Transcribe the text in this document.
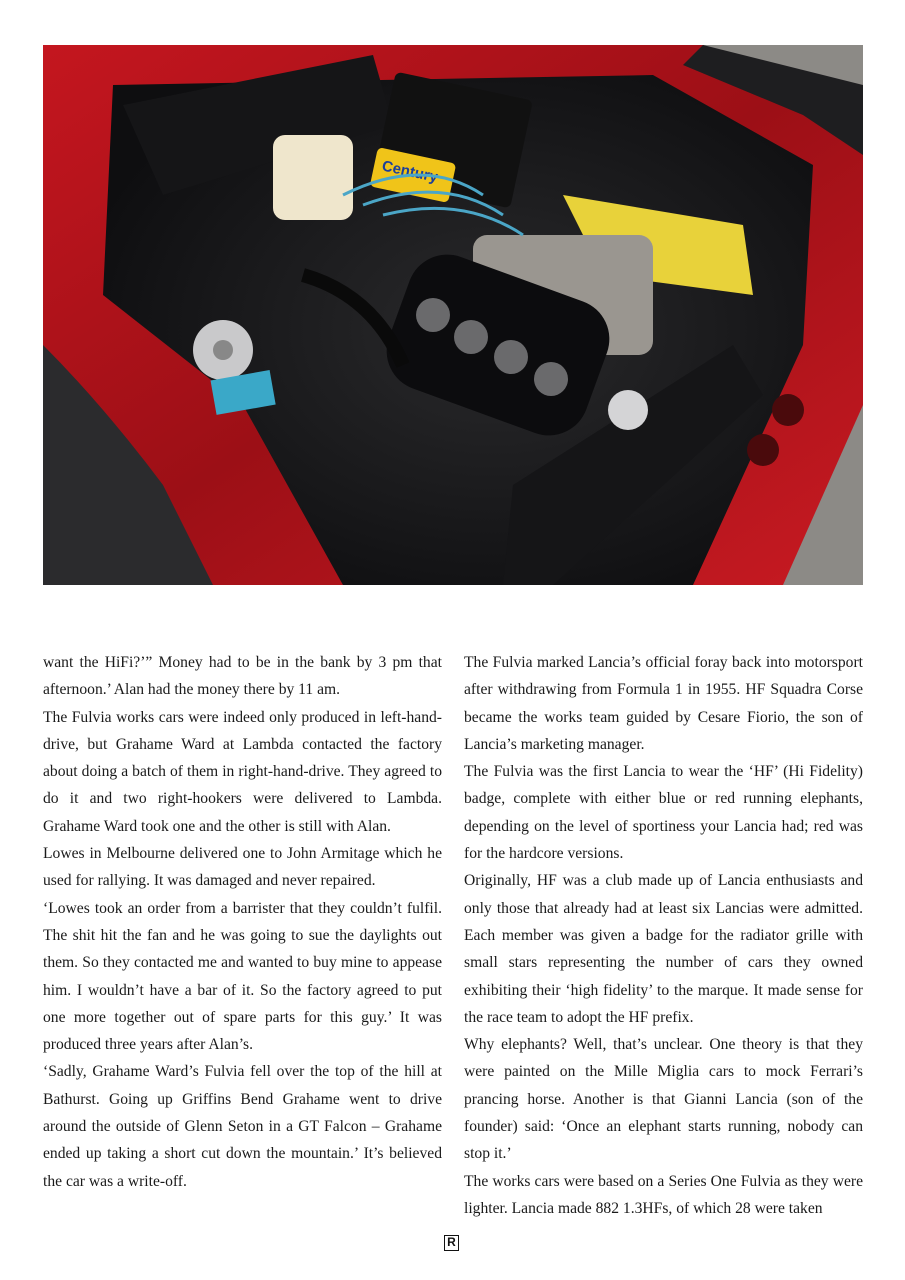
Century

want the HiFi?’” Money had to be in the bank by 3 pm that afternoon.’ Alan had the money there by 11 am.

The Fulvia works cars were indeed only produced in left-hand-drive, but Grahame Ward at Lambda contacted the factory about doing a batch of them in right-hand-drive. They agreed to do it and two right-hookers were delivered to Lambda. Grahame Ward took one and the other is still with Alan.

Lowes in Melbourne delivered one to John Armitage which he used for rallying. It was damaged and never repaired.

‘Lowes took an order from a barrister that they couldn’t fulfil. The shit hit the fan and he was going to sue the daylights out them. So they contacted me and wanted to buy mine to appease him. I wouldn’t have a bar of it. So the factory agreed to put one more together out of spare parts for this guy.’ It was produced three years after Alan’s.

‘Sadly, Grahame Ward’s Fulvia fell over the top of the hill at Bathurst. Going up Griffins Bend Grahame went to drive around the outside of Glenn Seton in a GT Falcon – Grahame ended up taking a short cut down the mountain.’ It’s believed the car was a write-off.

The Fulvia marked Lancia’s official foray back into motorsport after withdrawing from Formula 1 in 1955. HF Squadra Corse became the works team guided by Cesare Fiorio, the son of Lancia’s marketing manager.

The Fulvia was the first Lancia to wear the ‘HF’ (Hi Fidelity) badge, complete with either blue or red running elephants, depending on the level of sportiness your Lancia had; red was for the hardcore versions.

Originally, HF was a club made up of Lancia enthusiasts and only those that already had at least six Lancias were admitted. Each member was given a badge for the radiator grille with small stars representing the number of cars they owned exhibiting their ‘high fidelity’ to the marque. It made sense for the race team to adopt the HF prefix.

Why elephants? Well, that’s unclear. One theory is that they were painted on the Mille Miglia cars to mock Ferrari’s prancing horse. Another is that Gianni Lancia (son of the founder) said: ‘Once an elephant starts running, nobody can stop it.’

The works cars were based on a Series One Fulvia as they were lighter. Lancia made 882 1.3HFs, of which 28 were taken

R
